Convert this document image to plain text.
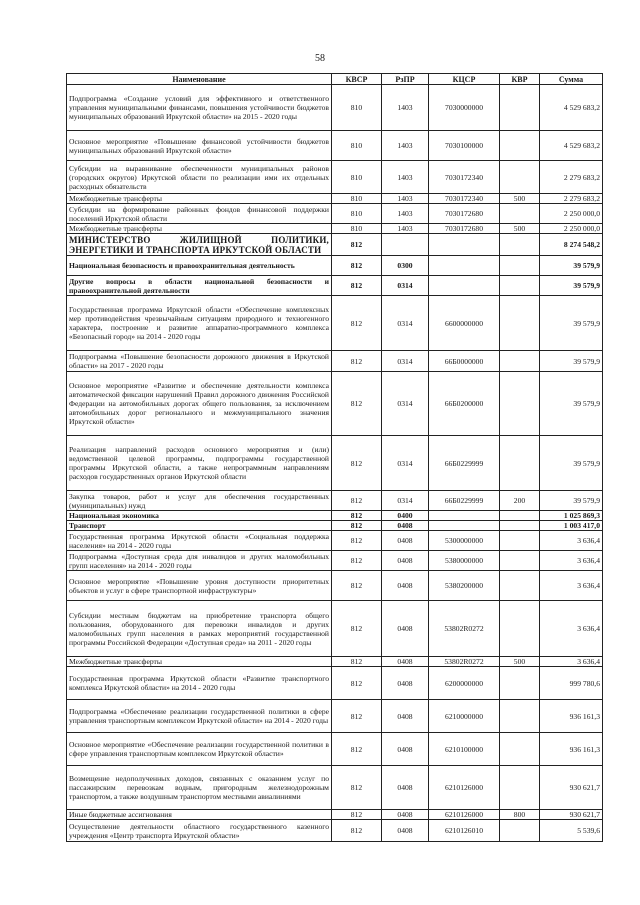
58
Наименование	КВСР	РзПР	КЦСР	КВР	Сумма
Подпрограмма «Создание условий для эффективного и ответственного управления муниципальными финансами, повышения устойчивости бюджетов муниципальных образований Иркутской области» на 2015 - 2020 годы	810	1403	7030000000		4 529 683,2
Основное мероприятие «Повышение финансовой устойчивости бюджетов муниципальных образований Иркутской области»	810	1403	7030100000		4 529 683,2
Субсидии на выравнивание обеспеченности муниципальных районов (городских округов) Иркутской области по реализации ими их отдельных расходных обязательств	810	1403	7030172340		2 279 683,2
Межбюджетные трансферты	810	1403	7030172340	500	2 279 683,2
Субсидии на формирование районных фондов финансовой поддержки поселений Иркутской области	810	1403	7030172680		2 250 000,0
Межбюджетные трансферты	810	1403	7030172680	500	2 250 000,0
МИНИСТЕРСТВО ЖИЛИЩНОЙ ПОЛИТИКИ, ЭНЕРГЕТИКИ И ТРАНСПОРТА ИРКУТСКОЙ ОБЛАСТИ	812				8 274 548,2
Национальная безопасность и правоохранительная деятельность	812	0300			39 579,9
Другие вопросы в области национальной безопасности и правоохранительной деятельности	812	0314			39 579,9
Государственная программа Иркутской области «Обеспечение комплексных мер противодействия чрезвычайным ситуациям природного и техногенного характера, построение и развитие аппаратно-программного комплекса «Безопасный город» на 2014 - 2020 годы	812	0314	6600000000		39 579,9
Подпрограмма «Повышение безопасности дорожного движения в Иркутской области» на 2017 - 2020 годы	812	0314	66Б0000000		39 579,9
Основное мероприятие «Развитие и обеспечение деятельности комплекса автоматической фиксации нарушений Правил дорожного движения Российской Федерации на автомобильных дорогах общего пользования, за исключением автомобильных дорог регионального и межмуниципального значения Иркутской области»	812	0314	66Б0200000		39 579,9
Реализация направлений расходов основного мероприятия и (или) ведомственной целевой программы, подпрограммы государственной программы Иркутской области, а также непрограммным направлениям расходов государственных органов Иркутской области	812	0314	66Б0229999		39 579,9
Закупка товаров, работ и услуг для обеспечения государственных (муниципальных) нужд	812	0314	66Б0229999	200	39 579,9
Национальная экономика	812	0400			1 025 869,3
Транспорт	812	0408			1 003 417,0
Государственная программа Иркутской области «Социальная поддержка населения» на 2014 - 2020 годы	812	0408	5300000000		3 636,4
Подпрограмма «Доступная среда для инвалидов и других маломобильных групп населения» на 2014 - 2020 годы	812	0408	5380000000		3 636,4
Основное мероприятие «Повышение уровня доступности приоритетных объектов и услуг в сфере транспортной инфраструктуры»	812	0408	5380200000		3 636,4
Субсидии местным бюджетам на приобретение транспорта общего пользования, оборудованного для перевозки инвалидов и других маломобильных групп населения в рамках мероприятий государственной программы Российской Федерации «Доступная среда» на 2011 - 2020 годы	812	0408	53802R0272		3 636,4
Межбюджетные трансферты	812	0408	53802R0272	500	3 636,4
Государственная программа Иркутской области «Развитие транспортного комплекса Иркутской области» на 2014 - 2020 годы	812	0408	6200000000		999 780,6
Подпрограмма «Обеспечение реализации государственной политики в сфере управления транспортным комплексом Иркутской области» на 2014 - 2020 годы	812	0408	6210000000		936 161,3
Основное мероприятие «Обеспечение реализации государственной политики в сфере управления транспортным комплексом Иркутской области»	812	0408	6210100000		936 161,3
Возмещение недополученных доходов, связанных с оказанием услуг по пассажирским перевозкам водным, пригородным железнодорожным транспортом, а также воздушным транспортом местными авиалиниями	812	0408	6210126000		930 621,7
Иные бюджетные ассигнования	812	0408	6210126000	800	930 621,7
Осуществление деятельности областного государственного казенного учреждения «Центр транспорта Иркутской области»	812	0408	6210126010		5 539,6
